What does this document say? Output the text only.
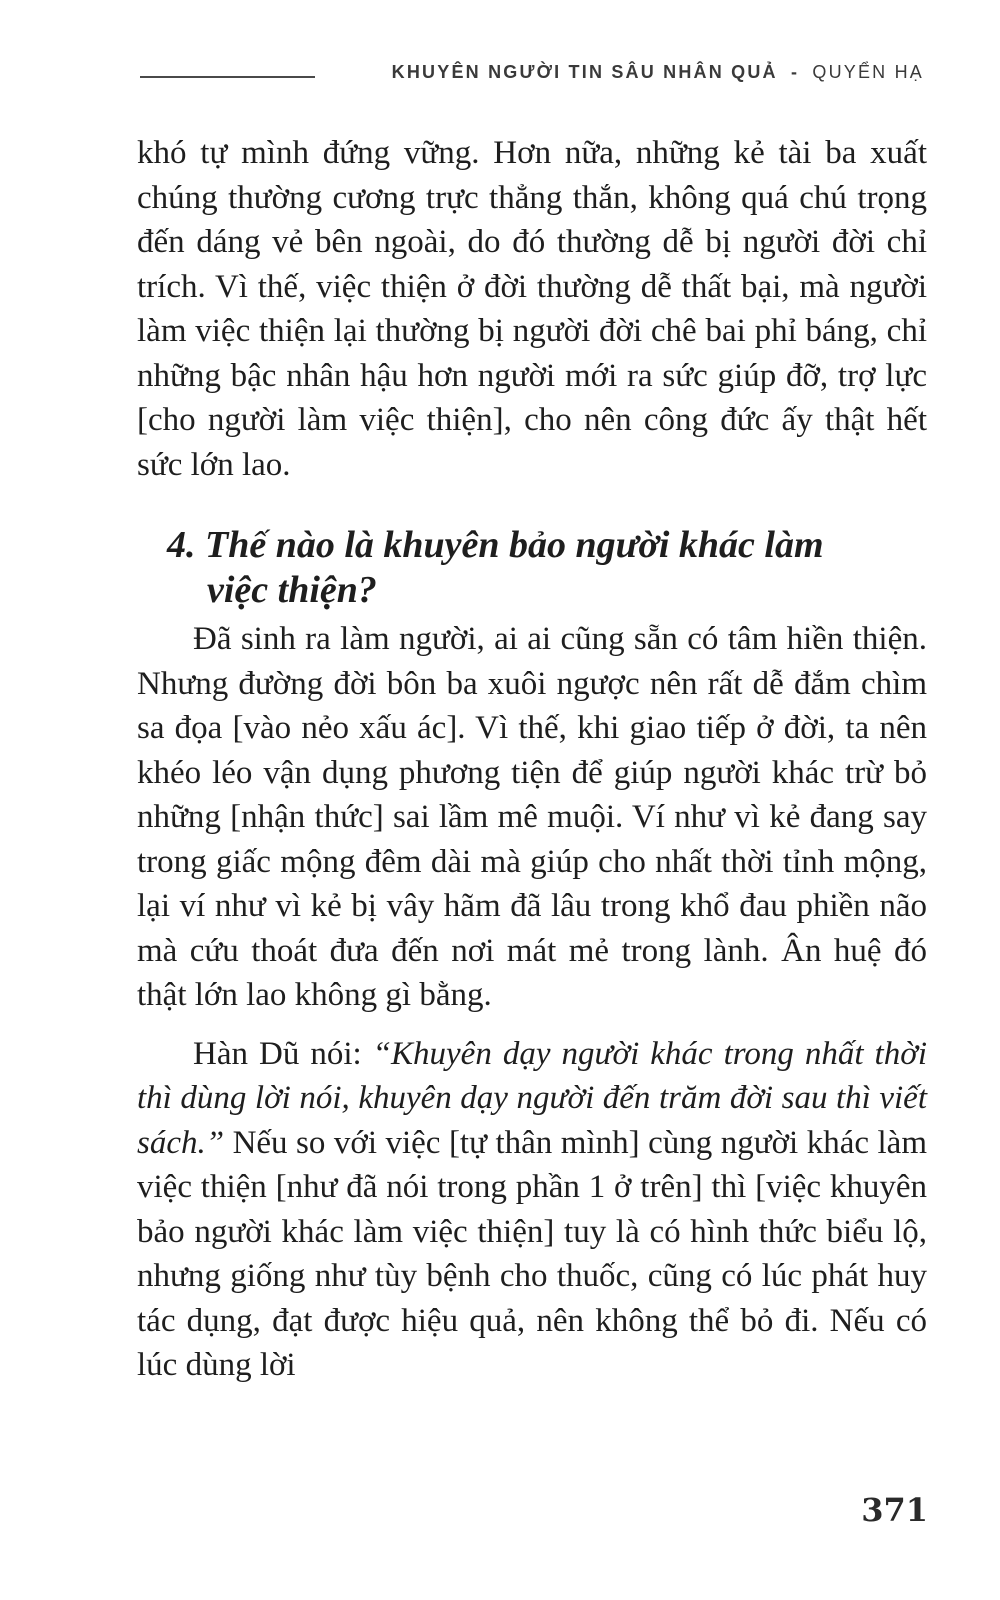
KHUYÊN NGƯỜI TIN SÂU NHÂN QUẢ - QUYỂN HẠ

khó tự mình đứng vững. Hơn nữa, những kẻ tài ba xuất chúng thường cương trực thẳng thắn, không quá chú trọng đến dáng vẻ bên ngoài, do đó thường dễ bị người đời chỉ trích. Vì thế, việc thiện ở đời thường dễ thất bại, mà người làm việc thiện lại thường bị người đời chê bai phỉ báng, chỉ những bậc nhân hậu hơn người mới ra sức giúp đỡ, trợ lực [cho người làm việc thiện], cho nên công đức ấy thật hết sức lớn lao.

4. Thế nào là khuyên bảo người khác làm
việc thiện?

Đã sinh ra làm người, ai ai cũng sẵn có tâm hiền thiện. Nhưng đường đời bôn ba xuôi ngược nên rất dễ đắm chìm sa đọa [vào nẻo xấu ác]. Vì thế, khi giao tiếp ở đời, ta nên khéo léo vận dụng phương tiện để giúp người khác trừ bỏ những [nhận thức] sai lầm mê muội. Ví như vì kẻ đang say trong giấc mộng đêm dài mà giúp cho nhất thời tỉnh mộng, lại ví như vì kẻ bị vây hãm đã lâu trong khổ đau phiền não mà cứu thoát đưa đến nơi mát mẻ trong lành. Ân huệ đó thật lớn lao không gì bằng.

Hàn Dũ nói: “Khuyên dạy người khác trong nhất thời thì dùng lời nói, khuyên dạy người đến trăm đời sau thì viết sách.” Nếu so với việc [tự thân mình] cùng người khác làm việc thiện [như đã nói trong phần 1 ở trên] thì [việc khuyên bảo người khác làm việc thiện] tuy là có hình thức biểu lộ, nhưng giống như tùy bệnh cho thuốc, cũng có lúc phát huy tác dụng, đạt được hiệu quả, nên không thể bỏ đi. Nếu có lúc dùng lời

371
